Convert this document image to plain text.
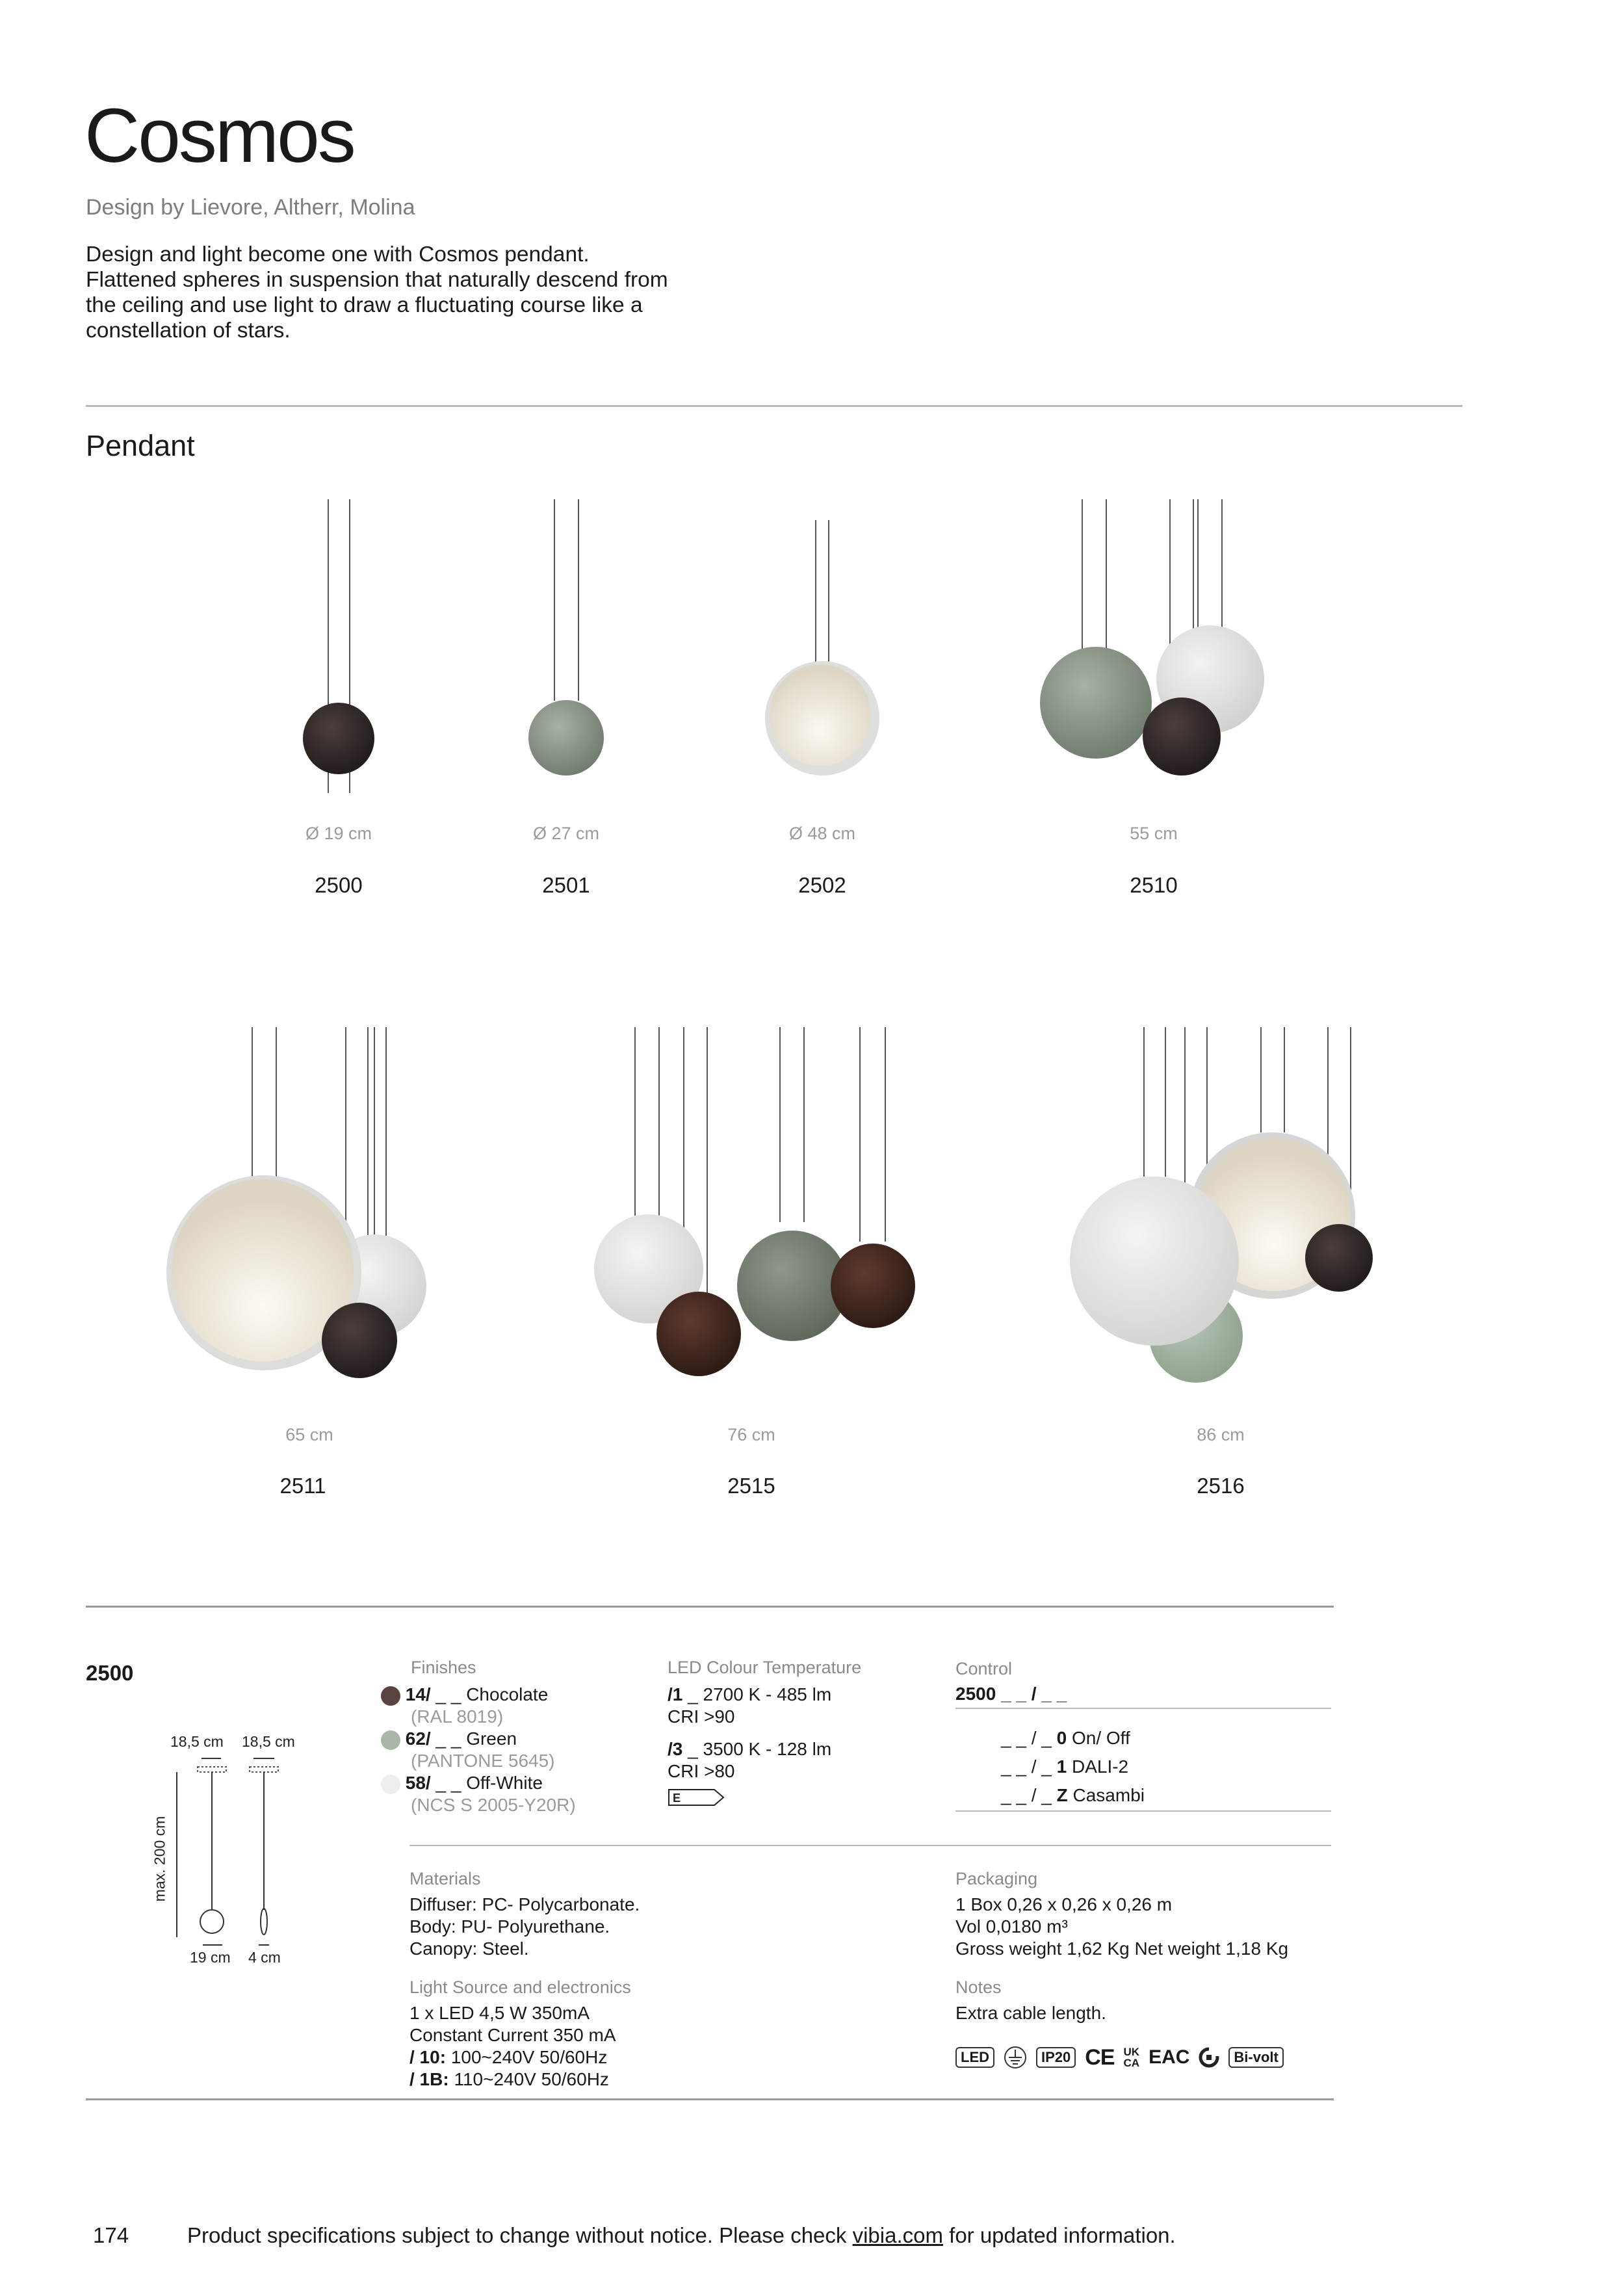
Cosmos
Design by Lievore, Altherr, Molina
Design and light become one with Cosmos pendant. Flattened spheres in suspension that naturally descend from the ceiling and use light to draw a fluctuating course like a constellation of stars.
Pendant
Ø 19 cm
2500
Ø 27 cm
2501
Ø 48 cm
2502
55 cm
2510
65 cm
2511
76 cm
2515
86 cm
2516
2500
18,5 cm 18,5 cm
max. 200 cm
19 cm 4 cm
Finishes
14/ _ _ Chocolate
(RAL 8019)
62/ _ _ Green
(PANTONE 5645)
58/ _ _ Off-White
(NCS S 2005-Y20R)
LED Colour Temperature
/1 _ 2700 K - 485 lm
CRI >90
/3 _ 3500 K - 128 lm
CRI >80
E
Control
2500 _ _ / _ _
_ _ / _ 0 On/ Off
_ _ / _ 1 DALI-2
_ _ / _ Z Casambi
Materials
Diffuser: PC- Polycarbonate.
Body: PU- Polyurethane.
Canopy: Steel.
Light Source and electronics
1 x LED 4,5 W 350mA
Constant Current 350 mA
/ 10: 100~240V 50/60Hz
/ 1B: 110~240V 50/60Hz
Packaging
1 Box 0,26 x 0,26 x 0,26 m
Vol 0,0180 m³
Gross weight 1,62 Kg Net weight 1,18 Kg
Notes
Extra cable length.
LED	IP20 CE UK
CA EAC	Bi-volt
174	Product specifications subject to change without notice. Please check vibia.com for updated information.
